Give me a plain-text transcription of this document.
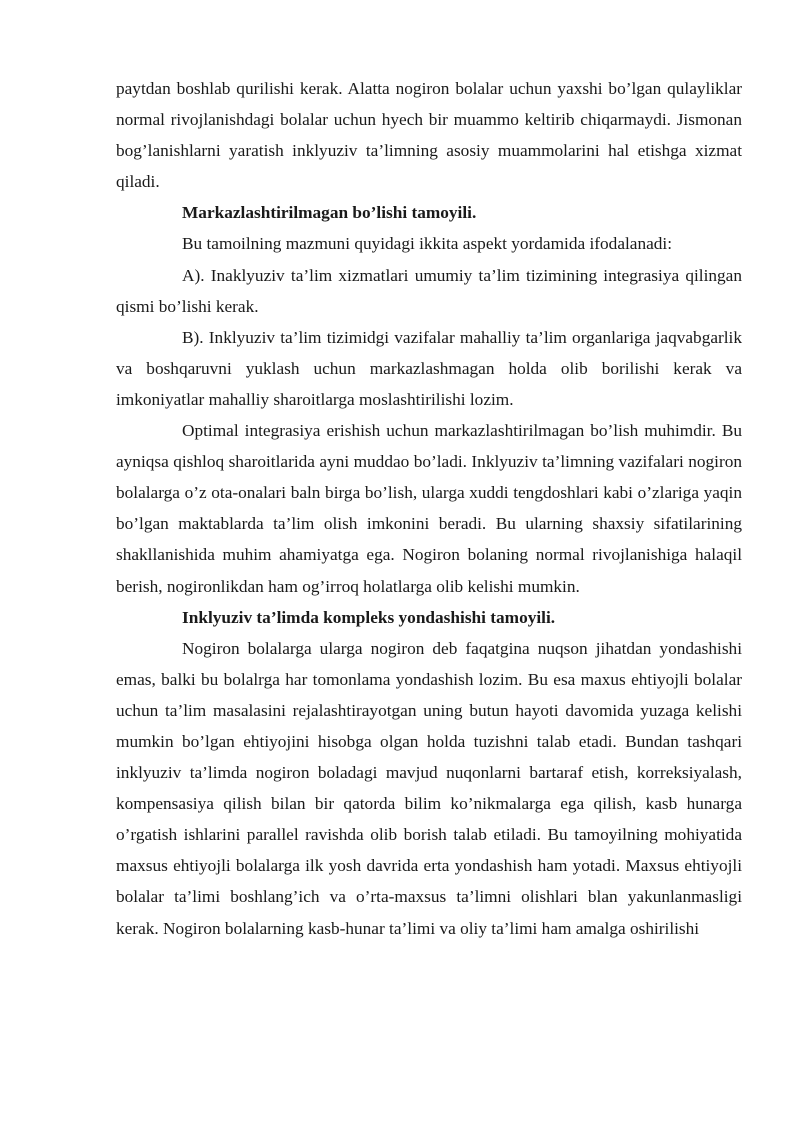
paytdan boshlab qurilishi kerak. Alatta nogiron bolalar uchun yaxshi bo’lgan qulayliklar normal rivojlanishdagi bolalar uchun hyech bir muammo keltirib chiqarmaydi. Jismonan bog’lanishlarni yaratish inklyuziv ta’limning asosiy muammolarini hal etishga xizmat qiladi.

Markazlashtirilmagan bo’lishi tamoyili.

Bu tamoilning mazmuni quyidagi ikkita aspekt yordamida ifodalanadi:

A). Inaklyuziv ta’lim xizmatlari umumiy ta’lim tizimining integrasiya qilingan qismi bo’lishi kerak.

B). Inklyuziv ta’lim tizimidgi vazifalar mahalliy ta’lim organlariga jaqvabgarlik va boshqaruvni yuklash uchun markazlashmagan holda olib borilishi kerak va imkoniyatlar mahalliy sharoitlarga moslashtirilishi lozim.

Optimal integrasiya erishish uchun markazlashtirilmagan bo’lish muhimdir. Bu ayniqsa qishloq sharoitlarida ayni muddao bo’ladi. Inklyuziv ta’limning vazifalari nogiron bolalarga o’z ota-onalari baln birga bo’lish, ularga xuddi tengdoshlari kabi o’zlariga yaqin bo’lgan maktablarda ta’lim olish imkonini beradi. Bu ularning shaxsiy sifatilarining shakllanishida muhim ahamiyatga ega. Nogiron bolaning normal rivojlanishiga halaqil berish, nogironlikdan ham og’irroq holatlarga olib kelishi mumkin.

Inklyuziv ta’limda kompleks yondashishi tamoyili.

Nogiron bolalarga ularga nogiron deb faqatgina nuqson jihatdan yondashishi emas, balki bu bolalrga har tomonlama yondashish lozim. Bu esa maxus ehtiyojli bolalar uchun ta’lim masalasini rejalashtirayotgan uning butun hayoti davomida yuzaga kelishi mumkin bo’lgan ehtiyojini hisobga olgan holda tuzishni talab etadi. Bundan tashqari inklyuziv ta’limda nogiron boladagi mavjud nuqonlarni bartaraf etish, korreksiyalash, kompensasiya qilish bilan bir qatorda bilim ko’nikmalarga ega qilish, kasb hunarga o’rgatish ishlarini parallel ravishda olib borish talab etiladi. Bu tamoyilning mohiyatida maxsus ehtiyojli bolalarga ilk yosh davrida erta yondashish ham yotadi. Maxsus ehtiyojli bolalar ta’limi boshlang’ich va o’rta-maxsus ta’limni olishlari blan yakunlanmasligi kerak. Nogiron bolalarning kasb-hunar ta’limi va oliy ta’limi ham amalga oshirilishi
